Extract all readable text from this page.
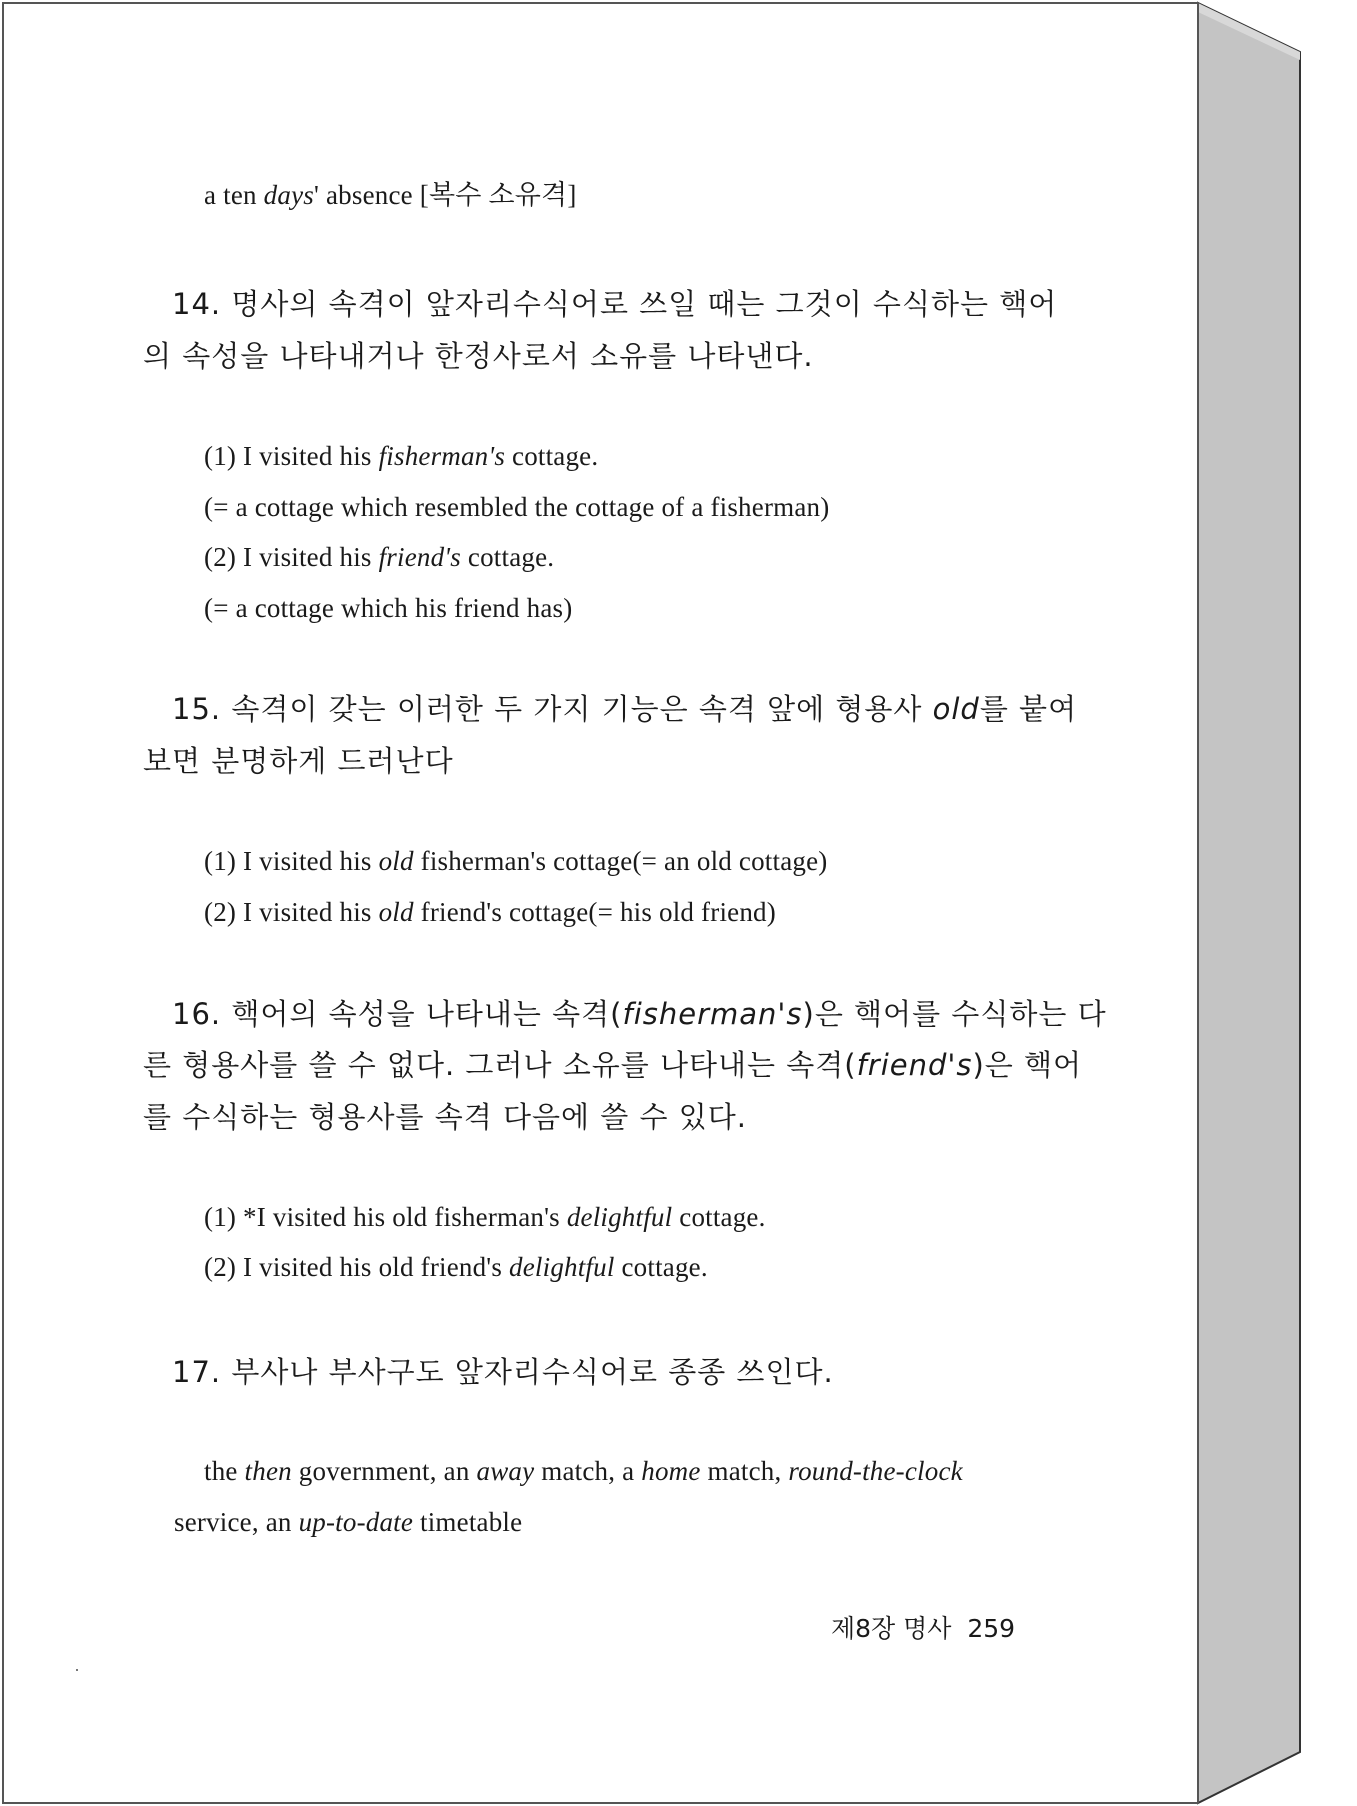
a ten days' absence [복수 소유격]
14. 명사의 속격이 앞자리수식어로 쓰일 때는 그것이 수식하는 핵어
의 속성을 나타내거나 한정사로서 소유를 나타낸다.
(1) I visited his fisherman's cottage.
(= a cottage which resembled the cottage of a fisherman)
(2) I visited his friend's cottage.
(= a cottage which his friend has)
15. 속격이 갖는 이러한 두 가지 기능은 속격 앞에 형용사 old를 붙여
보면 분명하게 드러난다
(1) I visited his old fisherman's cottage(= an old cottage)
(2) I visited his old friend's cottage(= his old friend)
16. 핵어의 속성을 나타내는 속격(fisherman's)은 핵어를 수식하는 다
른 형용사를 쓸 수 없다. 그러나 소유를 나타내는 속격(friend's)은 핵어
를 수식하는 형용사를 속격 다음에 쓸 수 있다.
(1) *I visited his old fisherman's delightful cottage.
(2) I visited his old friend's delightful cottage.
17. 부사나 부사구도 앞자리수식어로 종종 쓰인다.
the then government, an away match, a home match, round-the-clock
service, an up-to-date timetable
제8장 명사 259
